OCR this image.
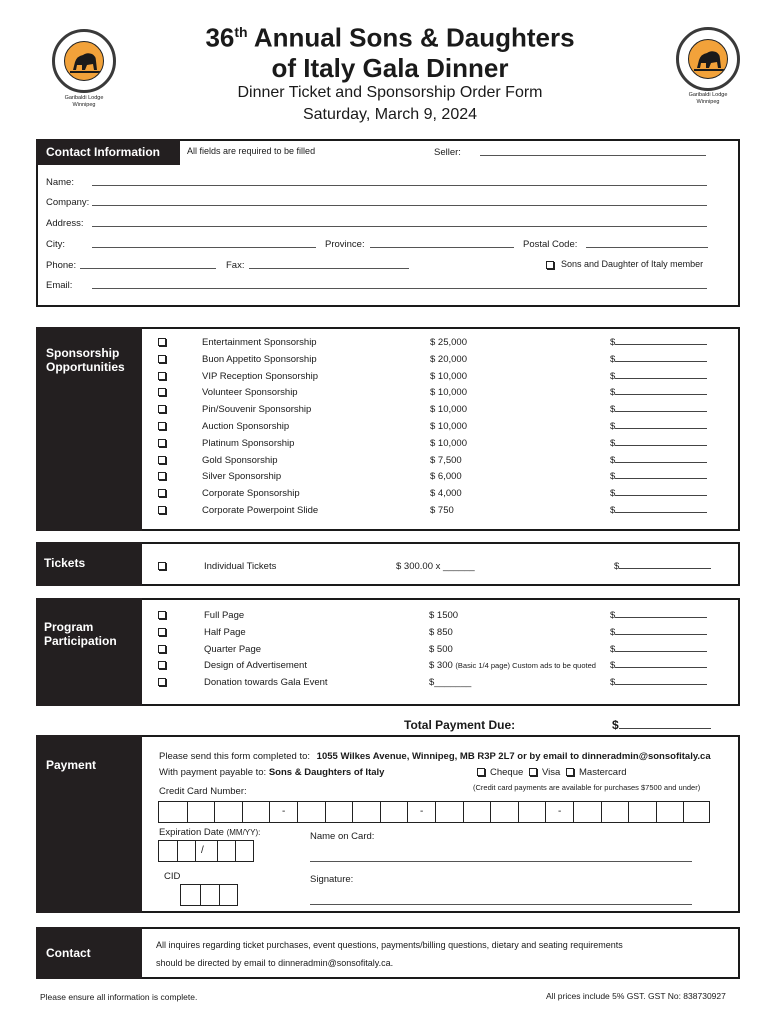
Garibaldi Lodge
Winnipeg
Garibaldi Lodge
Winnipeg
36th Annual Sons & Daughters
of Italy Gala Dinner
Dinner Ticket and Sponsorship Order Form
Saturday, March 9, 2024
Contact Information	All fields are required to be filled	Seller:
Name:
Company:
Address:
City:	Province:	Postal Code:
Phone:	Fax:	Sons and Daughter of Italy member
Email:
Sponsorship
Opportunities
Entertainment Sponsorship	$ 25,000	$
Buon Appetito Sponsorship	$ 20,000	$
VIP Reception Sponsorship	$ 10,000	$
Volunteer Sponsorship	$ 10,000	$
Pin/Souvenir Sponsorship	$ 10,000	$
Auction Sponsorship	$ 10,000	$
Platinum Sponsorship	$ 10,000	$
Gold Sponsorship	$ 7,500	$
Silver Sponsorship	$ 6,000	$
Corporate Sponsorship	$ 4,000	$
Corporate Powerpoint Slide	$ 750	$
Tickets	Individual Tickets	$ 300.00 x ______	$
Program
Participation
Full Page	$ 1500	$
Half Page	$ 850	$
Quarter Page	$ 500	$
Design of Advertisement	$ 300 (Basic 1/4 page) Custom ads to be quoted $
Donation towards Gala Event	$_______	$
Total Payment Due:	$
Payment
Please send this form completed to: 1055 Wilkes Avenue, Winnipeg, MB R3P 2L7 or by email to dinneradmin@sonsofitaly.ca
With payment payable to: Sons & Daughters of Italy	Cheque Visa Mastercard
(Credit card payments are available for purchases $7500 and under)
Credit Card Number:
-	-	-
Expiration Date (MM/YY):
/
Name on Card:
CID	Signature:
Contact
All inquires regarding ticket purchases, event questions, payments/billing questions, dietary and seating requirements
should be directed by email to dinneradmin@sonsofitaly.ca.
Please ensure all information is complete.	All prices include 5% GST. GST No: 838730927
